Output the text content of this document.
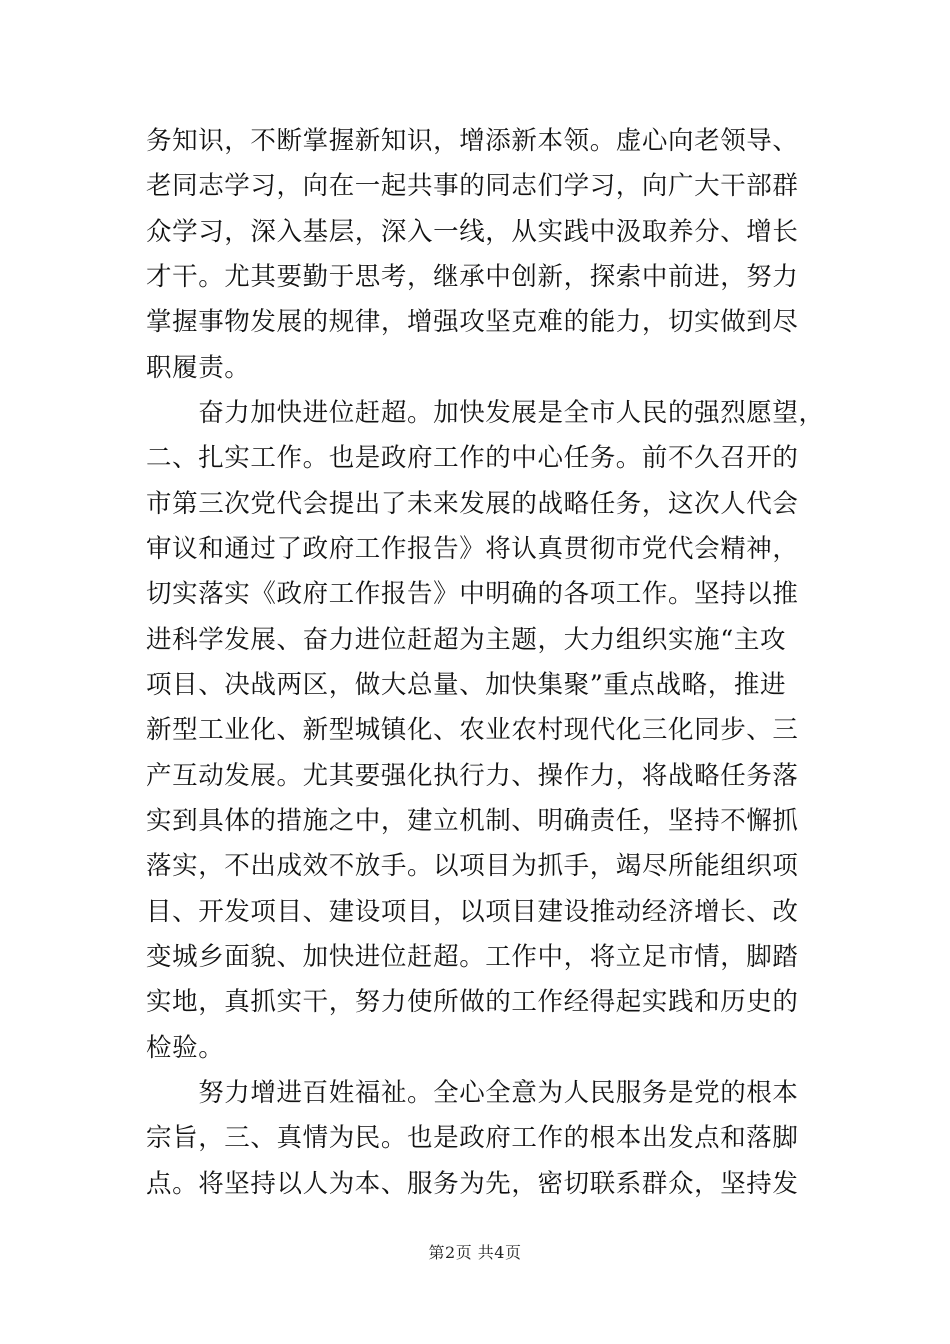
务知识，不断掌握新知识，增添新本领。虚心向老领导、
老同志学习，向在一起共事的同志们学习，向广大干部群
众学习，深入基层，深入一线，从实践中汲取养分、增长
才干。尤其要勤于思考，继承中创新，探索中前进，努力
掌握事物发展的规律，增强攻坚克难的能力，切实做到尽
职履责。
　　奋力加快进位赶超。加快发展是全市人民的强烈愿望，
二、扎实工作。也是政府工作的中心任务。前不久召开的
市第三次党代会提出了未来发展的战略任务，这次人代会
审议和通过了政府工作报告》将认真贯彻市党代会精神，
切实落实《政府工作报告》中明确的各项工作。坚持以推
进科学发展、奋力进位赶超为主题，大力组织实施“主攻
项目、决战两区，做大总量、加快集聚”重点战略，推进
新型工业化、新型城镇化、农业农村现代化三化同步、三
产互动发展。尤其要强化执行力、操作力，将战略任务落
实到具体的措施之中，建立机制、明确责任，坚持不懈抓
落实，不出成效不放手。以项目为抓手，竭尽所能组织项
目、开发项目、建设项目，以项目建设推动经济增长、改
变城乡面貌、加快进位赶超。工作中，将立足市情，脚踏
实地，真抓实干，努力使所做的工作经得起实践和历史的
检验。
　　努力增进百姓福祉。全心全意为人民服务是党的根本
宗旨，三、真情为民。也是政府工作的根本出发点和落脚
点。将坚持以人为本、服务为先，密切联系群众，坚持发
第2页 共4页
